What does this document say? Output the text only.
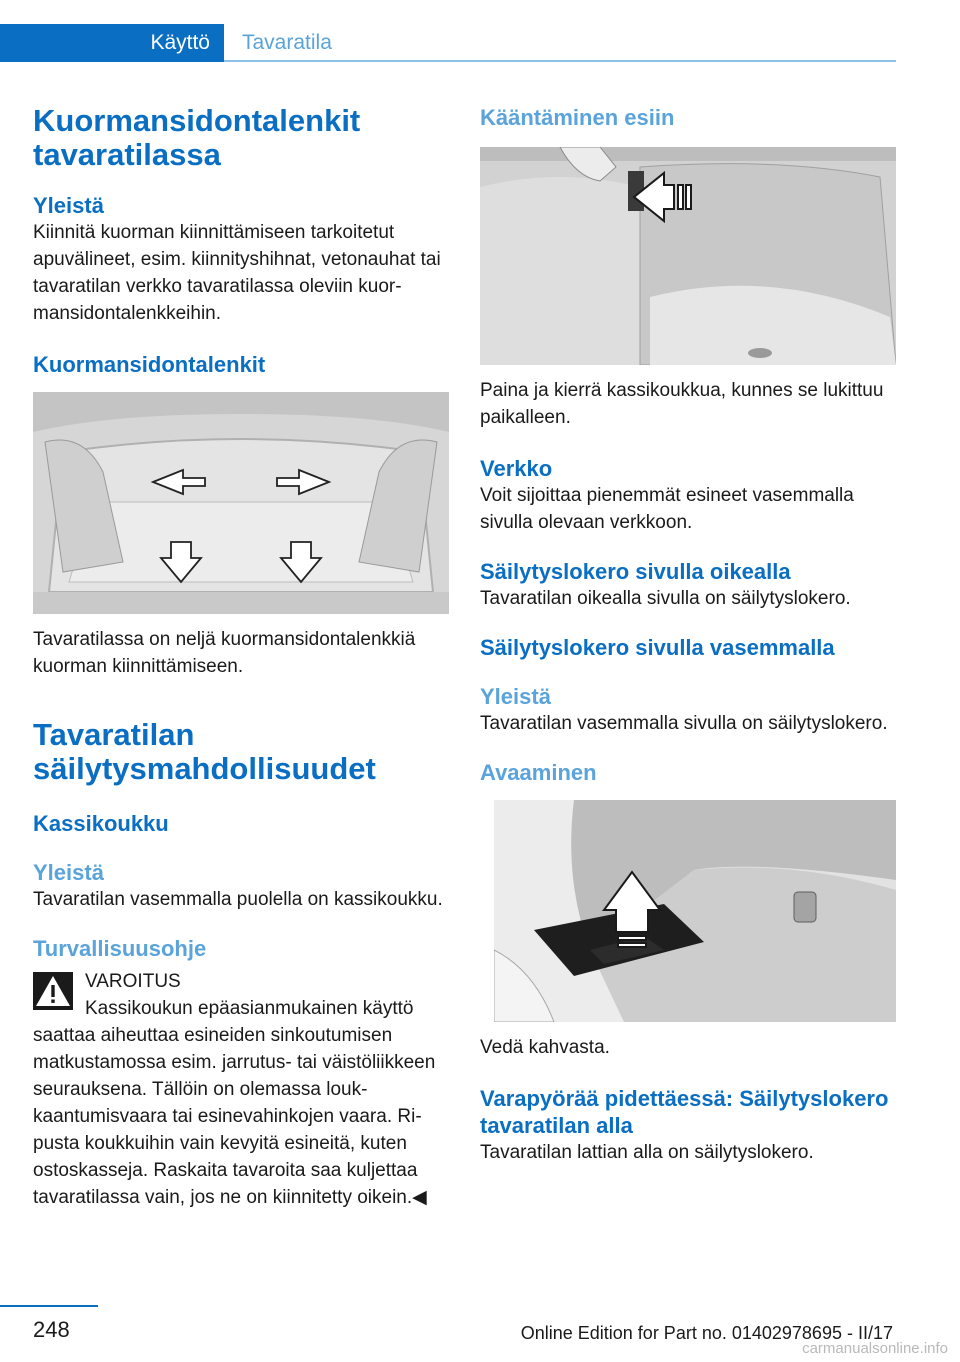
Käyttö	Tavaratila
Kuormansidontalenkit tavaratilassa
Yleistä
Kiinnitä kuorman kiinnittämiseen tarkoitetut apuvälineet, esim. kiinnityshihnat, vetonauhat tai tavaratilan verkko tavaratilassa oleviin kuormansidontalenkkeihin.
Kuormansidontalenkit
Tavaratilassa on neljä kuormansidontalenkkiä kuorman kiinnittämiseen.
Tavaratilan säilytysmahdollisuudet
Kassikoukku
Yleistä
Tavaratilan vasemmalla puolella on kassikoukku.
Turvallisuusohje
VAROITUS
Kassikoukun epäasianmukainen käyttö saattaa aiheuttaa esineiden sinkoutumisen matkustamossa esim. jarrutus- tai väistöliikkeen seurauksena. Tällöin on olemassa loukkaantumisvaara tai esinevahinkojen vaara. Ripusta koukkuihin vain kevyitä esineitä, kuten ostoskasseja. Raskaita tavaroita saa kuljettaa tavaratilassa vain, jos ne on kiinnitetty oikein.◀
Kääntäminen esiin
Paina ja kierrä kassikoukkua, kunnes se lukittuu paikalleen.
Verkko
Voit sijoittaa pienemmät esineet vasemmalla sivulla olevaan verkkoon.
Säilytyslokero sivulla oikealla
Tavaratilan oikealla sivulla on säilytyslokero.
Säilytyslokero sivulla vasemmalla
Yleistä
Tavaratilan vasemmalla sivulla on säilytyslokero.
Avaaminen
Vedä kahvasta.
Varapyörää pidettäessä: Säilytyslokero tavaratilan alla
Tavaratilan lattian alla on säilytyslokero.
248	Online Edition for Part no. 01402978695 - II/17
carmanualsonline.info
